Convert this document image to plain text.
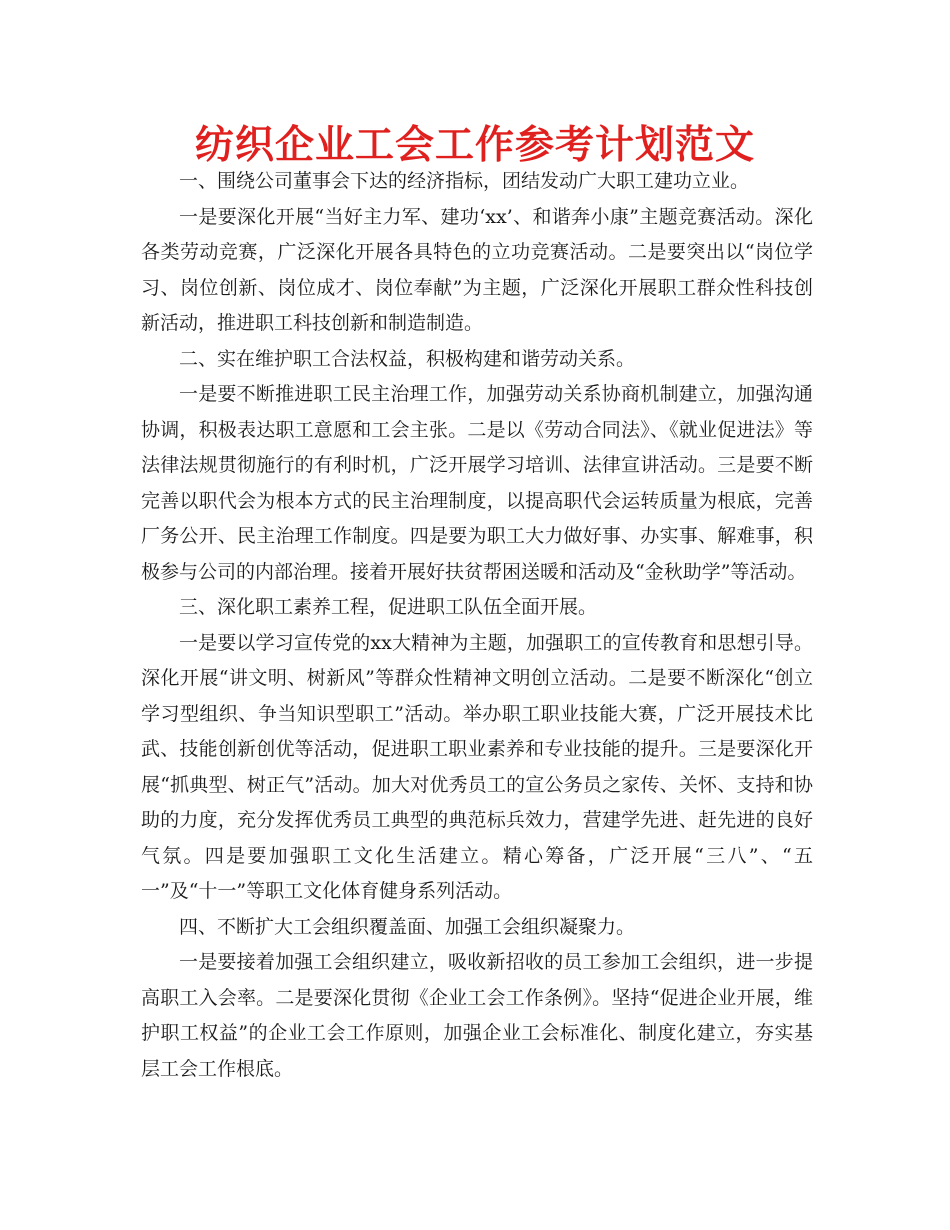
纺织企业工会工作参考计划范文

一、围绕公司董事会下达的经济指标，团结发动广大职工建功立业。

一是要深化开展“当好主力军、建功‘xx’、和谐奔小康”主题竞赛活动。深化各类劳动竞赛，广泛深化开展各具特色的立功竞赛活动。二是要突出以“岗位学习、岗位创新、岗位成才、岗位奉献”为主题，广泛深化开展职工群众性科技创新活动，推进职工科技创新和制造制造。

二、实在维护职工合法权益，积极构建和谐劳动关系。

一是要不断推进职工民主治理工作，加强劳动关系协商机制建立，加强沟通协调，积极表达职工意愿和工会主张。二是以《劳动合同法》、《就业促进法》等法律法规贯彻施行的有利时机，广泛开展学习培训、法律宣讲活动。三是要不断完善以职代会为根本方式的民主治理制度，以提高职代会运转质量为根底，完善厂务公开、民主治理工作制度。四是要为职工大力做好事、办实事、解难事，积极参与公司的内部治理。接着开展好扶贫帮困送暖和活动及“金秋助学”等活动。

三、深化职工素养工程，促进职工队伍全面开展。

一是要以学习宣传党的xx大精神为主题，加强职工的宣传教育和思想引导。深化开展“讲文明、树新风”等群众性精神文明创立活动。二是要不断深化“创立学习型组织、争当知识型职工”活动。举办职工职业技能大赛，广泛开展技术比武、技能创新创优等活动，促进职工职业素养和专业技能的提升。三是要深化开展“抓典型、树正气”活动。加大对优秀员工的宣公务员之家传、关怀、支持和协助的力度，充分发挥优秀员工典型的典范标兵效力，营建学先进、赶先进的良好气氛。四是要加强职工文化生活建立。精心筹备，广泛开展“三八”、“五一”及“十一”等职工文化体育健身系列活动。

四、不断扩大工会组织覆盖面、加强工会组织凝聚力。

一是要接着加强工会组织建立，吸收新招收的员工参加工会组织，进一步提高职工入会率。二是要深化贯彻《企业工会工作条例》。坚持“促进企业开展，维护职工权益”的企业工会工作原则，加强企业工会标准化、制度化建立，夯实基层工会工作根底。
